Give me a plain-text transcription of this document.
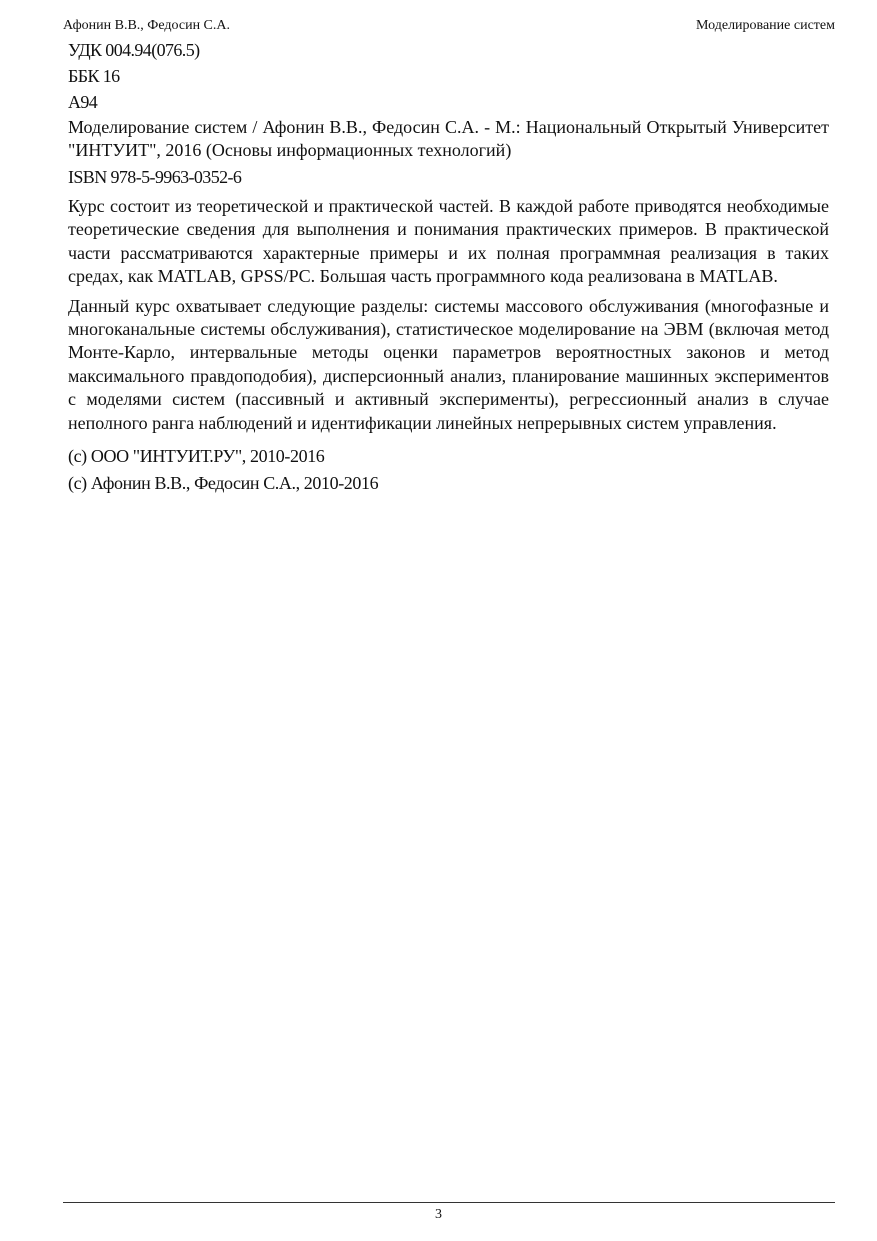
Афонин В.В., Федосин С.А.	Моделирование систем
УДК 004.94(076.5)
ББК 16
А94
Моделирование систем / Афонин В.В., Федосин С.А. - М.: Национальный Открытый Университет "ИНТУИТ", 2016 (Основы информационных технологий)
ISBN 978-5-9963-0352-6

Курс состоит из теоретической и практической частей. В каждой работе приводятся необходимые теоретические сведения для выполнения и понимания практических примеров. В практической части рассматриваются характерные примеры и их полная программная реализация в таких средах, как MATLAB, GPSS/PC. Большая часть программного кода реализована в MATLAB.

Данный курс охватывает следующие разделы: системы массового обслуживания (многофазные и многоканальные системы обслуживания), статистическое моделирование на ЭВМ (включая метод Монте-Карло, интервальные методы оценки параметров вероятностных законов и метод максимального правдоподобия), дисперсионный анализ, планирование машинных экспериментов с моделями систем (пассивный и активный эксперименты), регрессионный анализ в случае неполного ранга наблюдений и идентификации линейных непрерывных систем управления.

(c) ООО "ИНТУИТ.РУ", 2010-2016
(c) Афонин В.В., Федосин С.А., 2010-2016
3
